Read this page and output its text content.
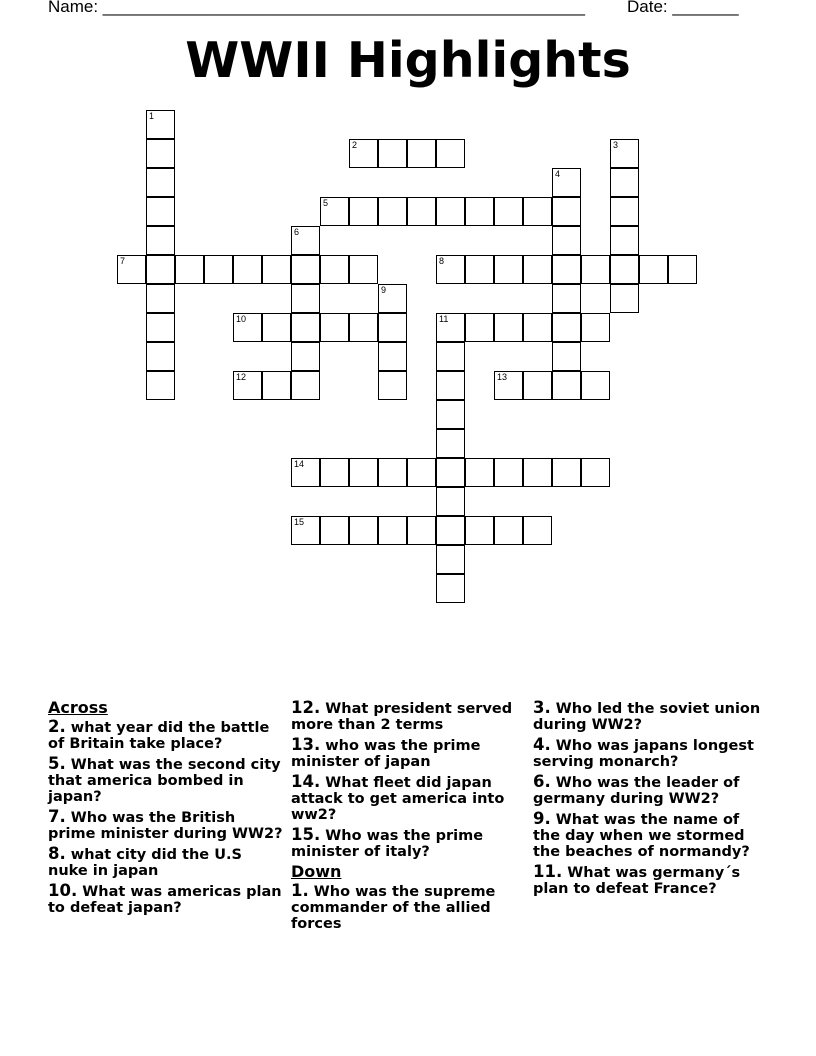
Name: ___________________________________________________ Date: _______
WWII Highlights
1
2	3
4
5
6
7	8
9
10	11
12	13
14
15
Across
2. what year did the battle of Britain take place?
5. What was the second city that america bombed in japan?
7. Who was the British prime minister during WW2?
8. what city did the U.S nuke in japan
10. What was americas plan to defeat japan?
12. What president served more than 2 terms
13. who was the prime minister of japan
14. What fleet did japan attack to get america into ww2?
15. Who was the prime minister of italy?
Down
1. Who was the supreme commander of the allied forces
3. Who led the soviet union during WW2?
4. Who was japans longest serving monarch?
6. Who was the leader of germany during WW2?
9. What was the name of the day when we stormed the beaches of normandy?
11. What was germany´s plan to defeat France?
